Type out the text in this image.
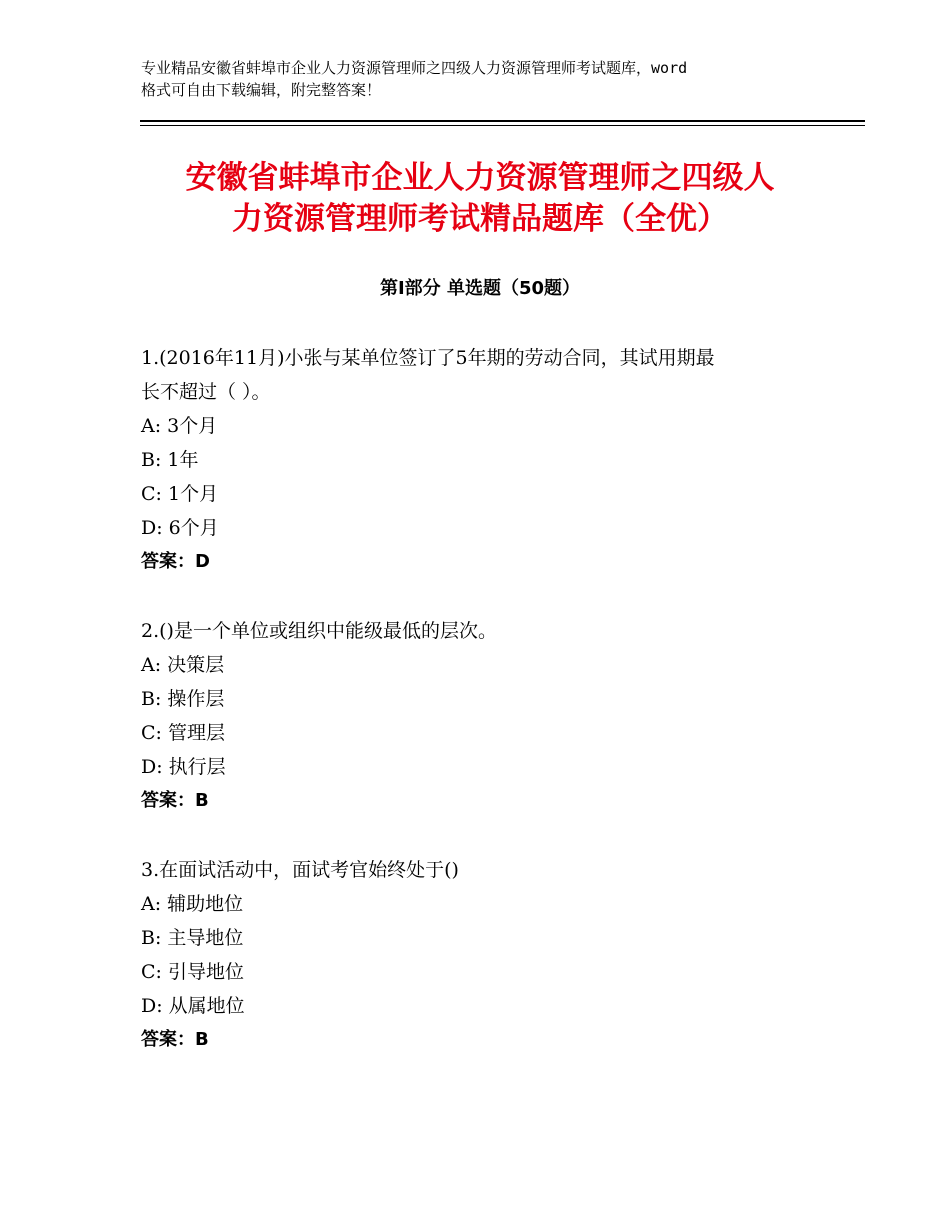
专业精品安徽省蚌埠市企业人力资源管理师之四级人力资源管理师考试题库，word
格式可自由下载编辑，附完整答案！
安徽省蚌埠市企业人力资源管理师之四级人
力资源管理师考试精品题库（全优）
第Ⅰ部分 单选题（50题）
1.(2016年11月)小张与某单位签订了5年期的劳动合同，其试用期最
长不超过（ ）。
A: 3个月
B: 1年
C: 1个月
D: 6个月
答案：D
2.()是一个单位或组织中能级最低的层次。
A: 决策层
B: 操作层
C: 管理层
D: 执行层
答案：B
3.在面试活动中，面试考官始终处于()
A: 辅助地位
B: 主导地位
C: 引导地位
D: 从属地位
答案：B
